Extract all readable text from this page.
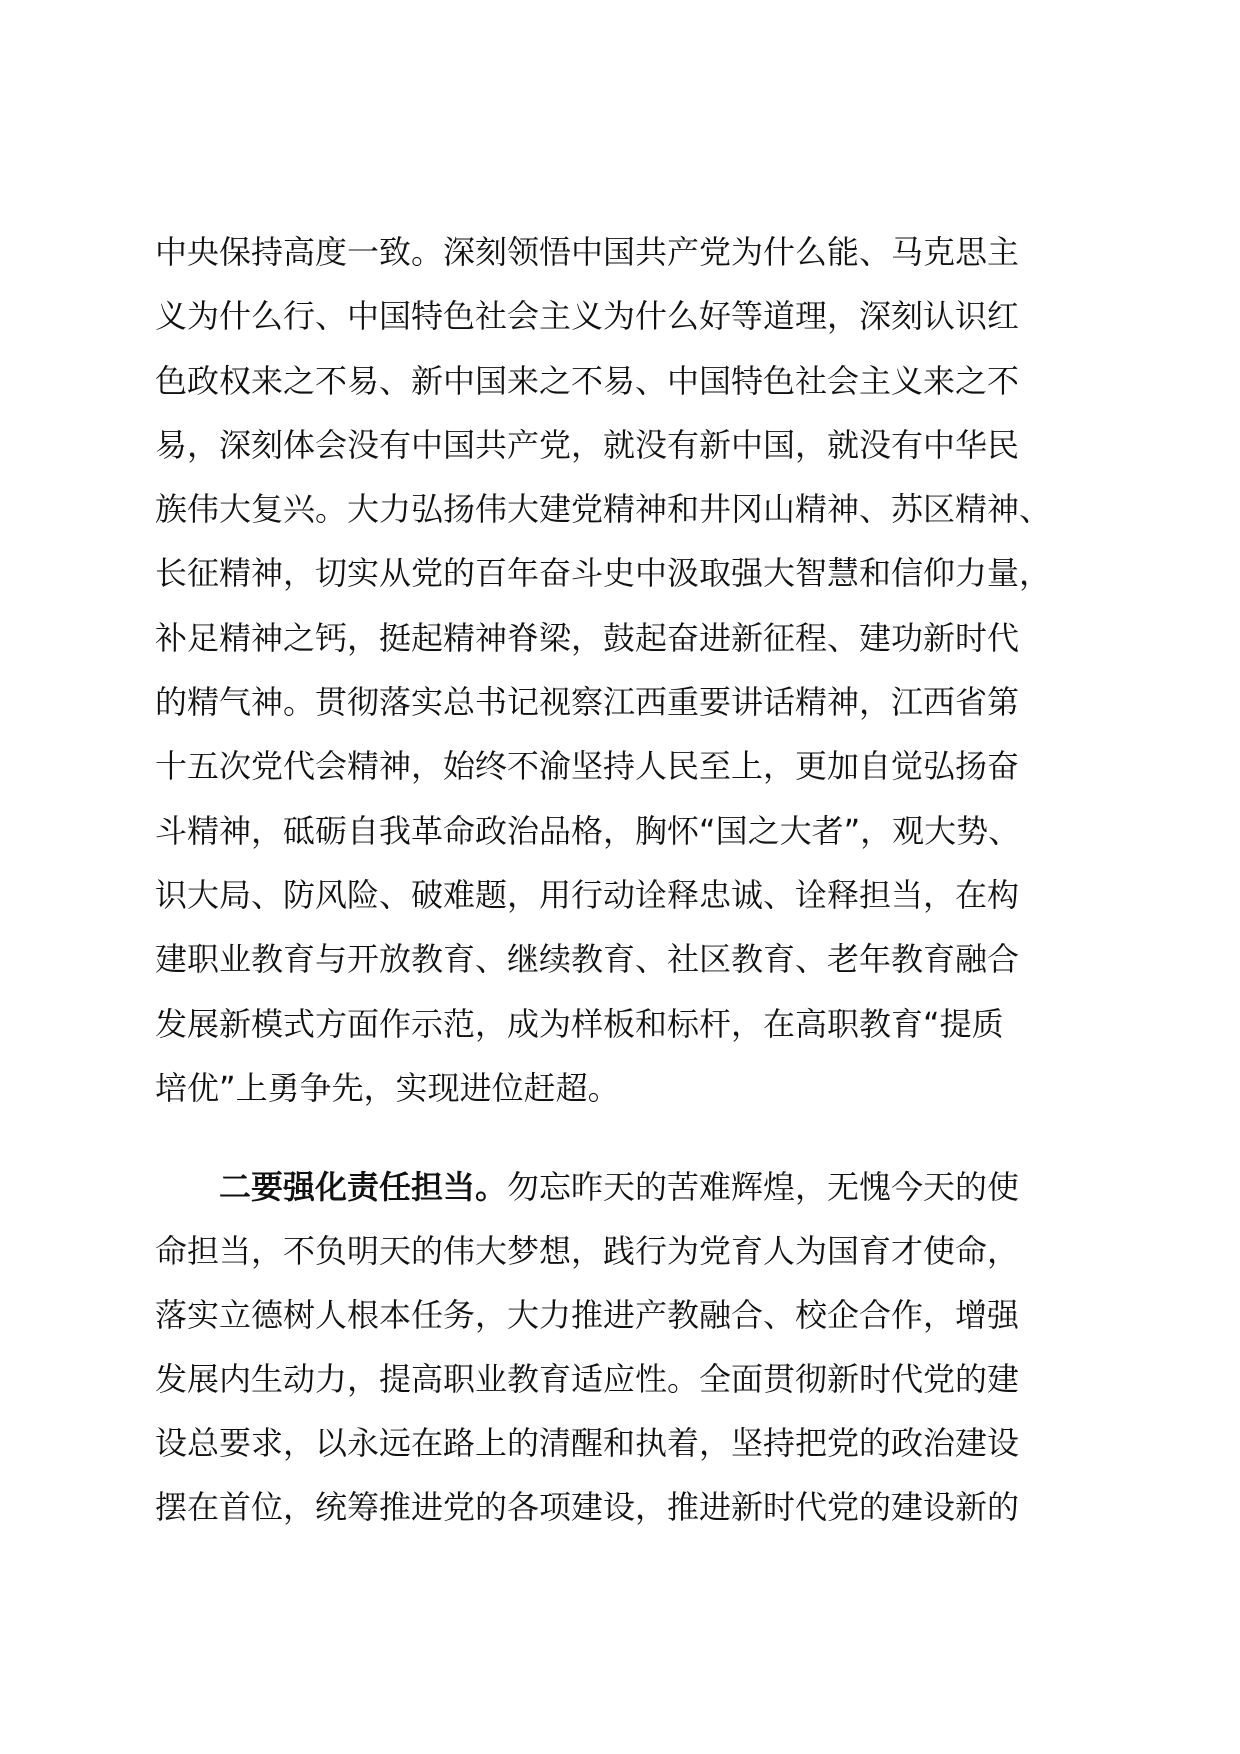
中央保持高度一致。深刻领悟中国共产党为什么能、马克思主
义为什么行、中国特色社会主义为什么好等道理，深刻认识红
色政权来之不易、新中国来之不易、中国特色社会主义来之不
易，深刻体会没有中国共产党，就没有新中国，就没有中华民
族伟大复兴。大力弘扬伟大建党精神和井冈山精神、苏区精神、
长征精神，切实从党的百年奋斗史中汲取强大智慧和信仰力量，
补足精神之钙，挺起精神脊梁，鼓起奋进新征程、建功新时代
的精气神。贯彻落实总书记视察江西重要讲话精神，江西省第
十五次党代会精神，始终不渝坚持人民至上，更加自觉弘扬奋
斗精神，砥砺自我革命政治品格，胸怀“国之大者”，观大势、
识大局、防风险、破难题，用行动诠释忠诚、诠释担当，在构
建职业教育与开放教育、继续教育、社区教育、老年教育融合
发展新模式方面作示范，成为样板和标杆，在高职教育“提质
培优”上勇争先，实现进位赶超。
二要强化责任担当。勿忘昨天的苦难辉煌，无愧今天的使
命担当，不负明天的伟大梦想，践行为党育人为国育才使命，
落实立德树人根本任务，大力推进产教融合、校企合作，增强
发展内生动力，提高职业教育适应性。全面贯彻新时代党的建
设总要求，以永远在路上的清醒和执着，坚持把党的政治建设
摆在首位，统筹推进党的各项建设，推进新时代党的建设新的
